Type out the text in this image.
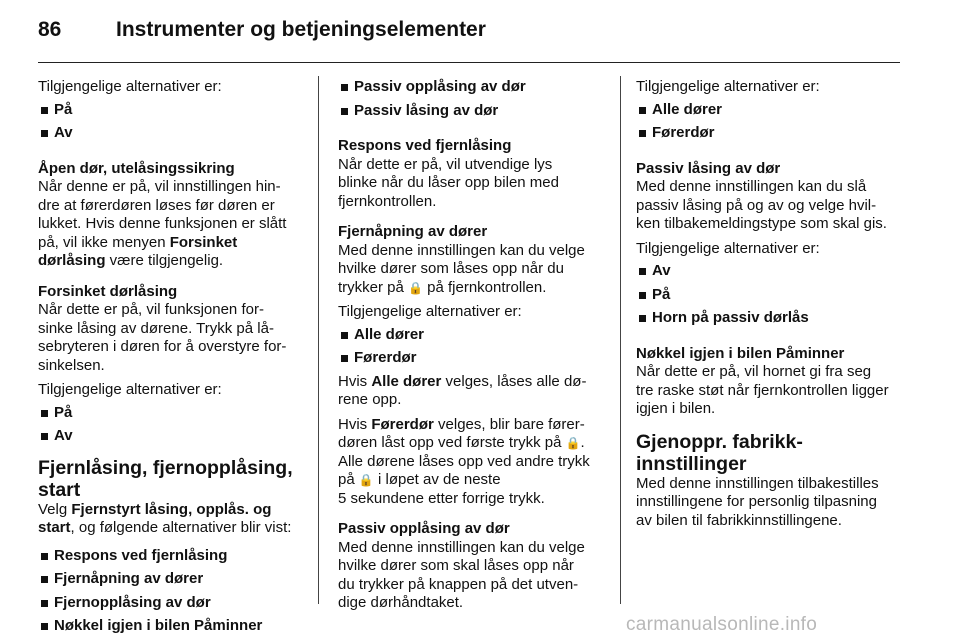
86	Instrumenter og betjeningselementer

Tilgjengelige alternativer er:

På
Av

Åpen dør, utelåsingssikring

Når denne er på, vil innstillingen hin-
dre at førerdøren løses før døren er
lukket. Hvis denne funksjonen er slått
på, vil ikke menyen Forsinket
dørlåsing være tilgjengelig.

Forsinket dørlåsing

Når dette er på, vil funksjonen for-
sinke låsing av dørene. Trykk på lå-
sebryteren i døren for å overstyre for-
sinkelsen.

Tilgjengelige alternativer er:

På
Av

Fjernlåsing, fjernopplåsing, start

Velg Fjernstyrt låsing, opplås. og
start, og følgende alternativer blir vist:
Respons ved fjernlåsing
Fjernåpning av dører
Fjernopplåsing av dør
Nøkkel igjen i bilen Påminner
Passiv opplåsing av dør
Passiv låsing av dør

Respons ved fjernlåsing

Når dette er på, vil utvendige lys
blinke når du låser opp bilen med
fjernkontrollen.

Fjernåpning av dører

Med denne innstillingen kan du velge
hvilke dører som låses opp når du
trykker på 🔒 på fjernkontrollen.

Tilgjengelige alternativer er:

Alle dører
Førerdør
Hvis Alle dører velges, låses alle dø-
rene opp.
Hvis Førerdør velges, blir bare fører-
døren låst opp ved første trykk på 🔒.
Alle dørene låses opp ved andre trykk
på 🔒 i løpet av de neste
5 sekundene etter forrige trykk.

Passiv opplåsing av dør

Med denne innstillingen kan du velge
hvilke dører som skal låses opp når
du trykker på knappen på det utven-
dige dørhåndtaket.

Tilgjengelige alternativer er:

Alle dører
Førerdør

Passiv låsing av dør

Med denne innstillingen kan du slå
passiv låsing på og av og velge hvil-
ken tilbakemeldingstype som skal gis.

Tilgjengelige alternativer er:

Av
På
Horn på passiv dørlås

Nøkkel igjen i bilen Påminner

Når dette er på, vil hornet gi fra seg
tre raske støt når fjernkontrollen ligger
igjen i bilen.

Gjenoppr. fabrikk-innstillinger

Med denne innstillingen tilbakestilles
innstillingene for personlig tilpasning
av bilen til fabrikkinnstillingene.
carmanualsonline.info
